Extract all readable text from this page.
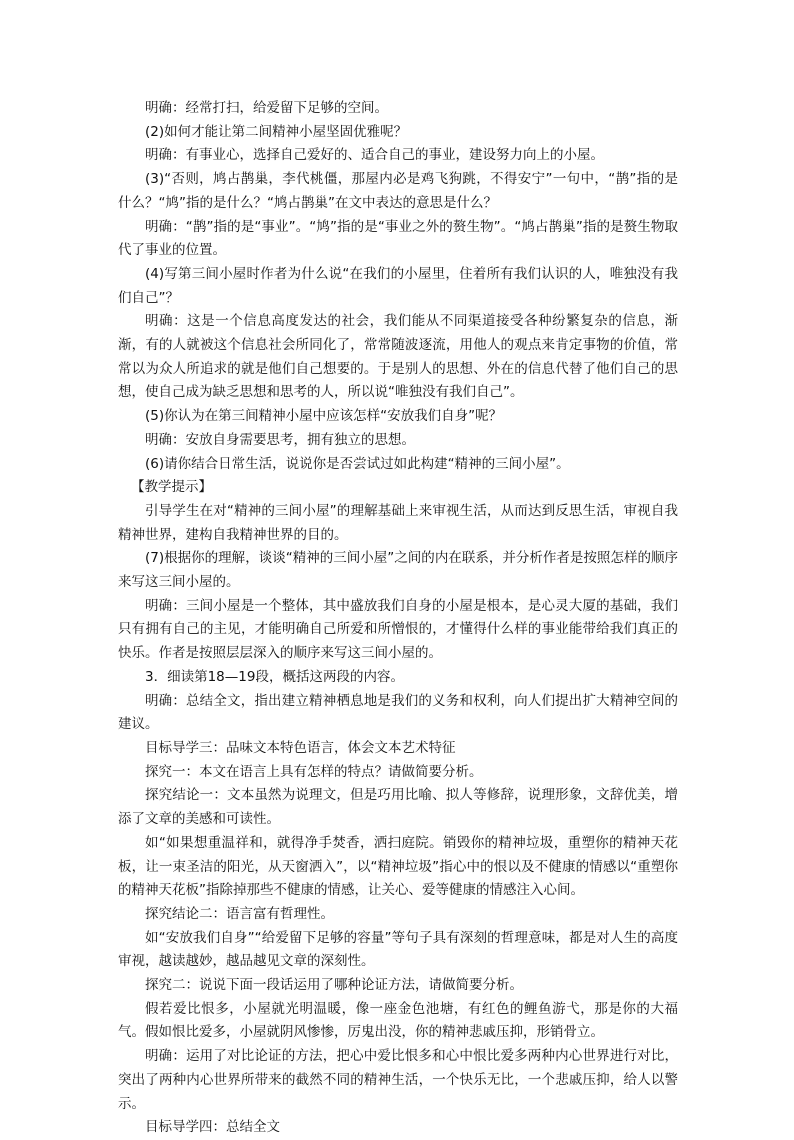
明确：经常打扫，给爱留下足够的空间。

(2)如何才能让第二间精神小屋坚固优雅呢？

明确：有事业心，选择自己爱好的、适合自己的事业，建设努力向上的小屋。

(3)“否则，鸠占鹊巢，李代桃僵，那屋内必是鸡飞狗跳，不得安宁”一句中，“鹊”指的是什么？“鸠”指的是什么？“鸠占鹊巢”在文中表达的意思是什么？

明确：“鹊”指的是“事业”。“鸠”指的是“事业之外的赘生物”。“鸠占鹊巢”指的是赘生物取代了事业的位置。

(4)写第三间小屋时作者为什么说“在我们的小屋里，住着所有我们认识的人，唯独没有我们自己”？

明确：这是一个信息高度发达的社会，我们能从不同渠道接受各种纷繁复杂的信息，渐渐，有的人就被这个信息社会所同化了，常常随波逐流，用他人的观点来肯定事物的价值，常常以为众人所追求的就是他们自己想要的。于是别人的思想、外在的信息代替了他们自己的思想，使自己成为缺乏思想和思考的人，所以说“唯独没有我们自己”。

(5)你认为在第三间精神小屋中应该怎样“安放我们自身”呢？

明确：安放自身需要思考，拥有独立的思想。

(6)请你结合日常生活，说说你是否尝试过如此构建“精神的三间小屋”。

【教学提示】

引导学生在对“精神的三间小屋”的理解基础上来审视生活，从而达到反思生活，审视自我精神世界，建构自我精神世界的目的。

(7)根据你的理解，谈谈“精神的三间小屋”之间的内在联系，并分析作者是按照怎样的顺序来写这三间小屋的。

明确：三间小屋是一个整体，其中盛放我们自身的小屋是根本，是心灵大厦的基础，我们只有拥有自己的主见，才能明确自己所爱和所憎恨的，才懂得什么样的事业能带给我们真正的快乐。作者是按照层层深入的顺序来写这三间小屋的。

3．细读第18—19段，概括这两段的内容。

明确：总结全文，指出建立精神栖息地是我们的义务和权利，向人们提出扩大精神空间的建议。

目标导学三：品味文本特色语言，体会文本艺术特征

探究一：本文在语言上具有怎样的特点？请做简要分析。

探究结论一：文本虽然为说理文，但是巧用比喻、拟人等修辞，说理形象，文辞优美，增添了文章的美感和可读性。

如“如果想重温祥和，就得净手焚香，洒扫庭院。销毁你的精神垃圾，重塑你的精神天花板，让一束圣洁的阳光，从天窗洒入”，以“精神垃圾”指心中的恨以及不健康的情感以“重塑你的精神天花板”指除掉那些不健康的情感，让关心、爱等健康的情感注入心间。

探究结论二：语言富有哲理性。

如“安放我们自身”“给爱留下足够的容量”等句子具有深刻的哲理意味，都是对人生的高度审视，越读越妙，越品越见文章的深刻性。

探究二：说说下面一段话运用了哪种论证方法，请做简要分析。

假若爱比恨多，小屋就光明温暖，像一座金色池塘，有红色的鲤鱼游弋，那是你的大福气。假如恨比爱多，小屋就阴风惨惨，厉鬼出没，你的精神悲戚压抑，形销骨立。

明确：运用了对比论证的方法，把心中爱比恨多和心中恨比爱多两种内心世界进行对比，突出了两种内心世界所带来的截然不同的精神生活，一个快乐无比，一个悲戚压抑，给人以警示。

目标导学四：总结全文
